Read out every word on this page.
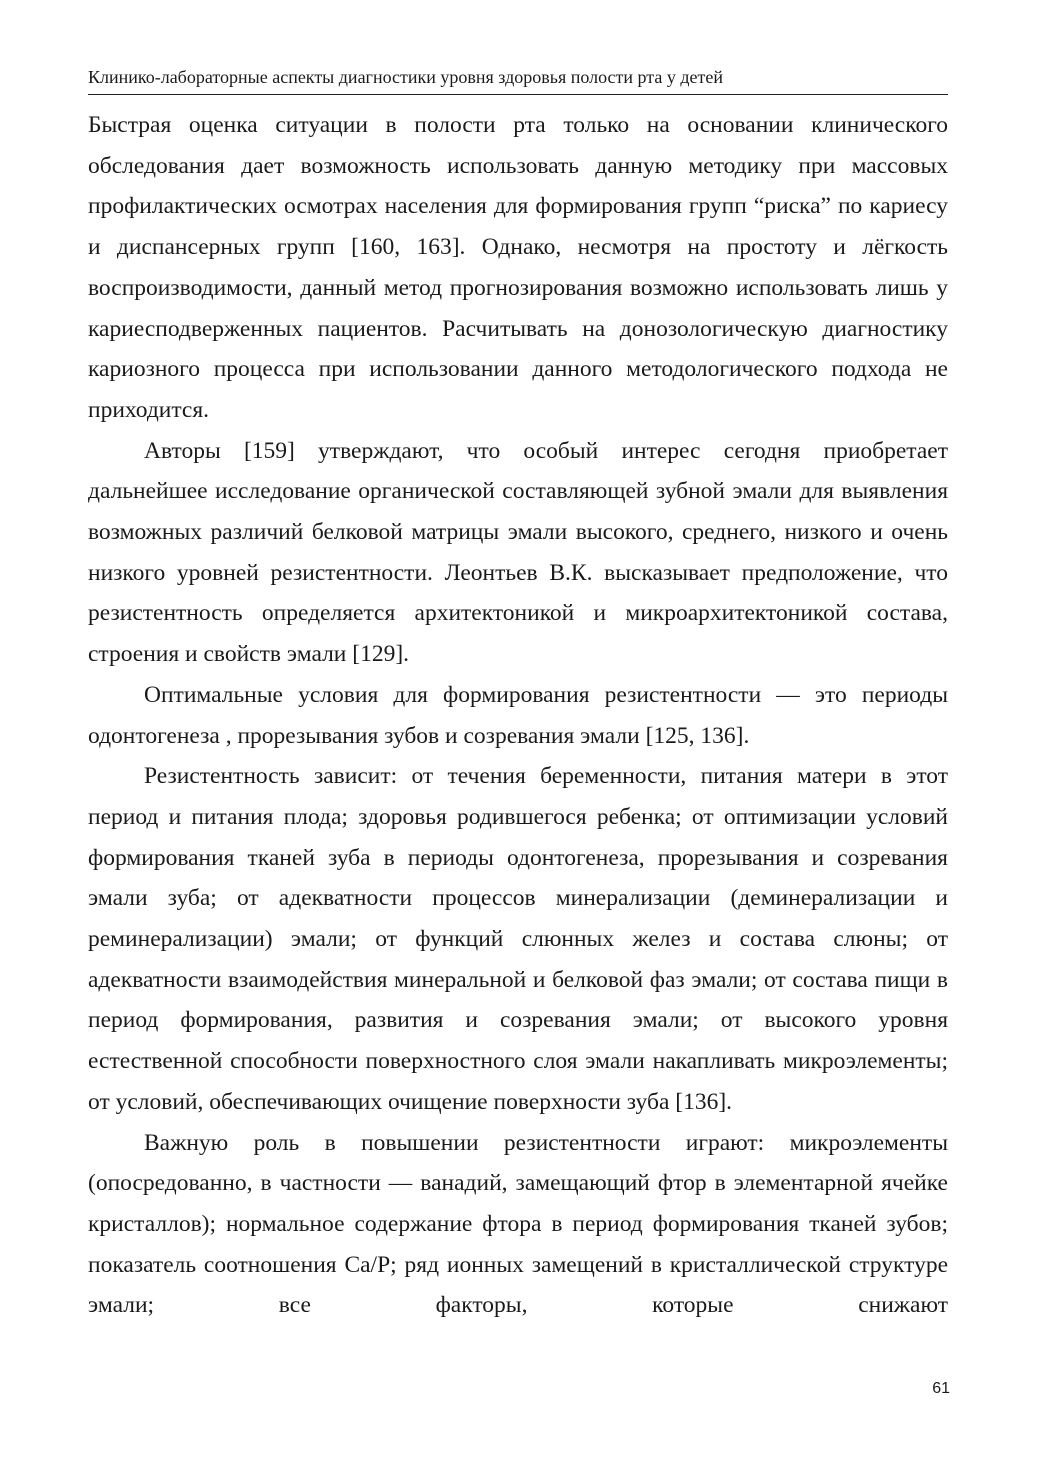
Клинико-лабораторные аспекты диагностики уровня здоровья полости рта у детей

Быстрая оценка ситуации в полости рта только на основании клинического обследования дает возможность использовать данную методику при массовых профилактических осмотрах населения для формирования групп “риска” по кариесу и диспансерных групп [160, 163]. Однако, несмотря на простоту и лёгкость воспроизводимости, данный метод прогнозирования возможно использовать лишь у кариесподверженных пациентов. Расчитывать на донозологическую диагностику кариозного процесса при использовании данного методологического подхода не приходится.

Авторы [159] утверждают, что особый интерес сегодня приобретает дальнейшее исследование органической составляющей зубной эмали для выявления возможных различий белковой матрицы эмали высокого, среднего, низкого и очень низкого уровней резистентности. Леонтьев В.К. высказывает предположение, что резистентность определяется архитектоникой и микроархитектоникой состава, строения и свойств эмали [129].

Оптимальные условия для формирования резистентности — это периоды одонтогенеза , прорезывания зубов и созревания эмали [125, 136].

Резистентность зависит: от течения беременности, питания матери в этот период и питания плода; здоровья родившегося ребенка; от оптимизации условий формирования тканей зуба в периоды одонтогенеза, прорезывания и созревания эмали зуба; от адекватности процессов минерализации (деминерализации и реминерализации) эмали; от функций слюнных желез и состава слюны; от адекватности взаимодействия минеральной и белковой фаз эмали; от состава пищи в период формирования, развития и созревания эмали; от высокого уровня естественной способности поверхностного слоя эмали накапливать микроэлементы; от условий, обеспечивающих очищение поверхности зуба [136].

Важную роль в повышении резистентности играют: микроэлементы (опосредованно, в частности — ванадий, замещающий фтор в элементарной ячейке кристаллов); нормальное содержание фтора в период формирования тканей зубов; показатель соотношения Ca/P; ряд ионных замещений в кристаллической структуре эмали; все факторы, которые снижают

61
